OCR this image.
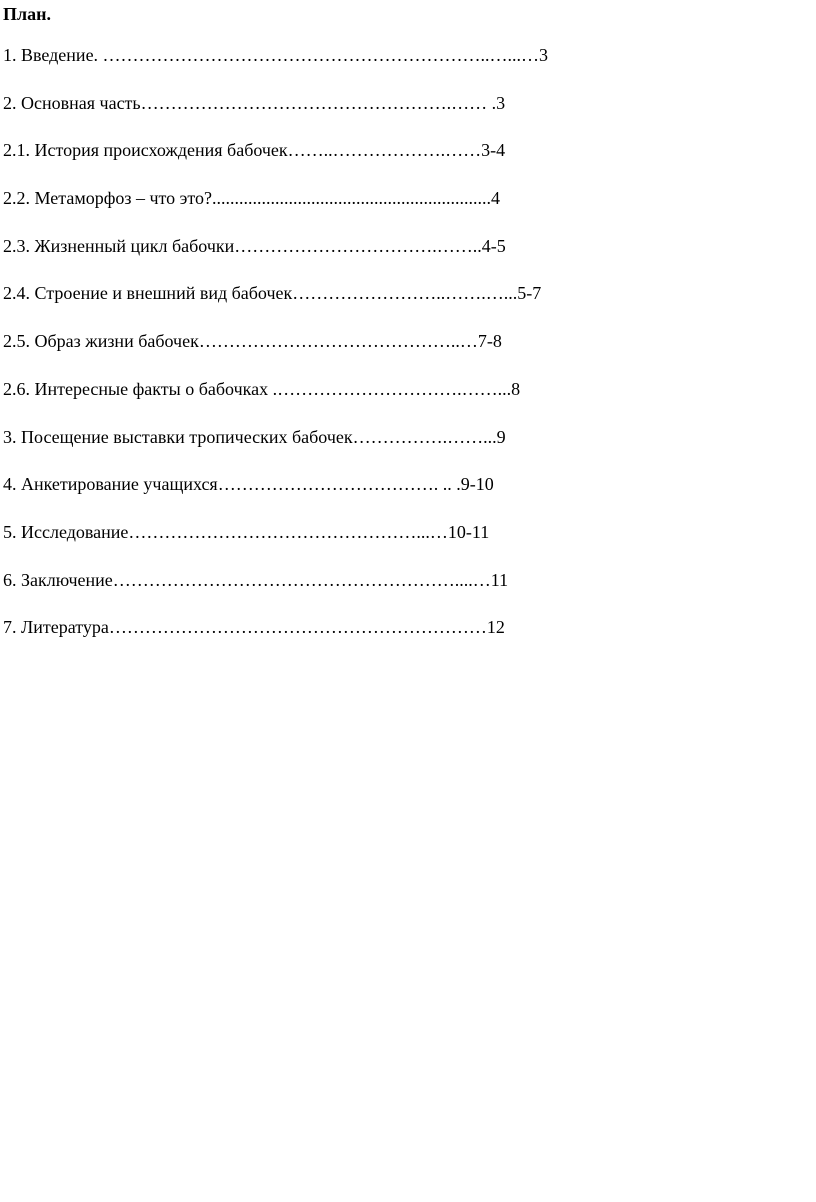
План.
1. Введение. ………………………………………………………..…...…3
2. Основная часть…………………………………………….…… .3
2.1. История происхождения бабочек……..……………….……3-4
2.2. Метаморфоз – что это?..............................................................4
2.3. Жизненный цикл бабочки…………………………….……..4-5
2.4. Строение и внешний вид бабочек……………………..…….…...5-7
2.5. Образ жизни бабочек……………………………………..…7-8
2.6. Интересные факты о бабочках .………………………….……...8
3. Посещение выставки тропических бабочек…………….……...9
4. Анкетирование учащихся………………………………. .. .9-10
5. Исследование…………………………………………...…10-11
6. Заключение…………………………………………………....…11
7. Литература………………………………………………………12
